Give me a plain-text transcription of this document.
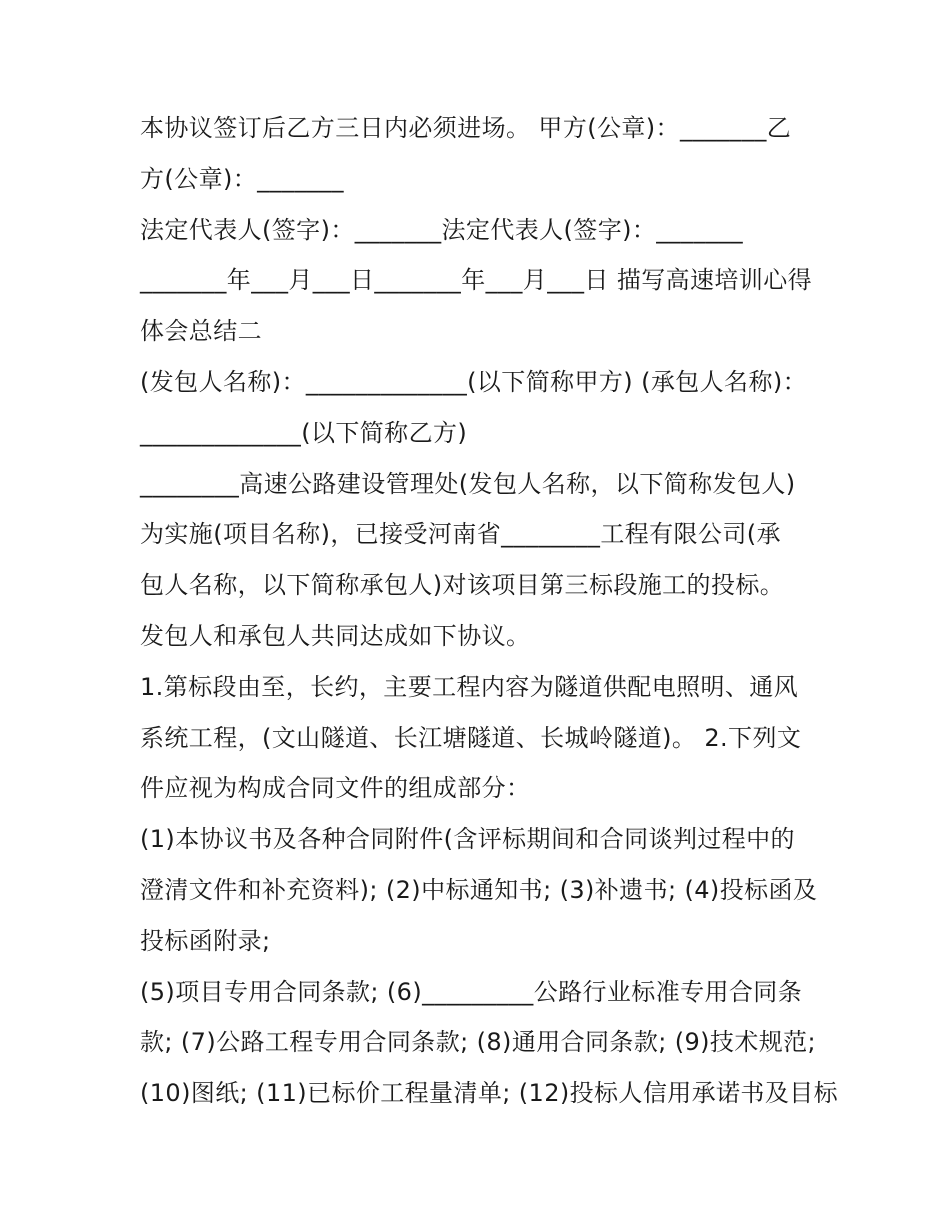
本协议签订后乙方三日内必须进场。 甲方(公章)：_______乙
方(公章)：_______
法定代表人(签字)：_______法定代表人(签字)：_______
_______年___月___日_______年___月___日 描写高速培训心得
体会总结二
(发包人名称)：_____________(以下简称甲方) (承包人名称)：
_____________(以下简称乙方)
________高速公路建设管理处(发包人名称，以下简称发包人)
为实施(项目名称)，已接受河南省________工程有限公司(承
包人名称，以下简称承包人)对该项目第三标段施工的投标。
发包人和承包人共同达成如下协议。
1.第标段由至，长约，主要工程内容为隧道供配电照明、通风
系统工程，(文山隧道、长江塘隧道、长城岭隧道)。 2.下列文
件应视为构成合同文件的组成部分：
(1)本协议书及各种合同附件(含评标期间和合同谈判过程中的
澄清文件和补充资料); (2)中标通知书; (3)补遗书; (4)投标函及
投标函附录;
(5)项目专用合同条款; (6)_________公路行业标准专用合同条
款; (7)公路工程专用合同条款; (8)通用合同条款; (9)技术规范;
(10)图纸; (11)已标价工程量清单; (12)投标人信用承诺书及目标
